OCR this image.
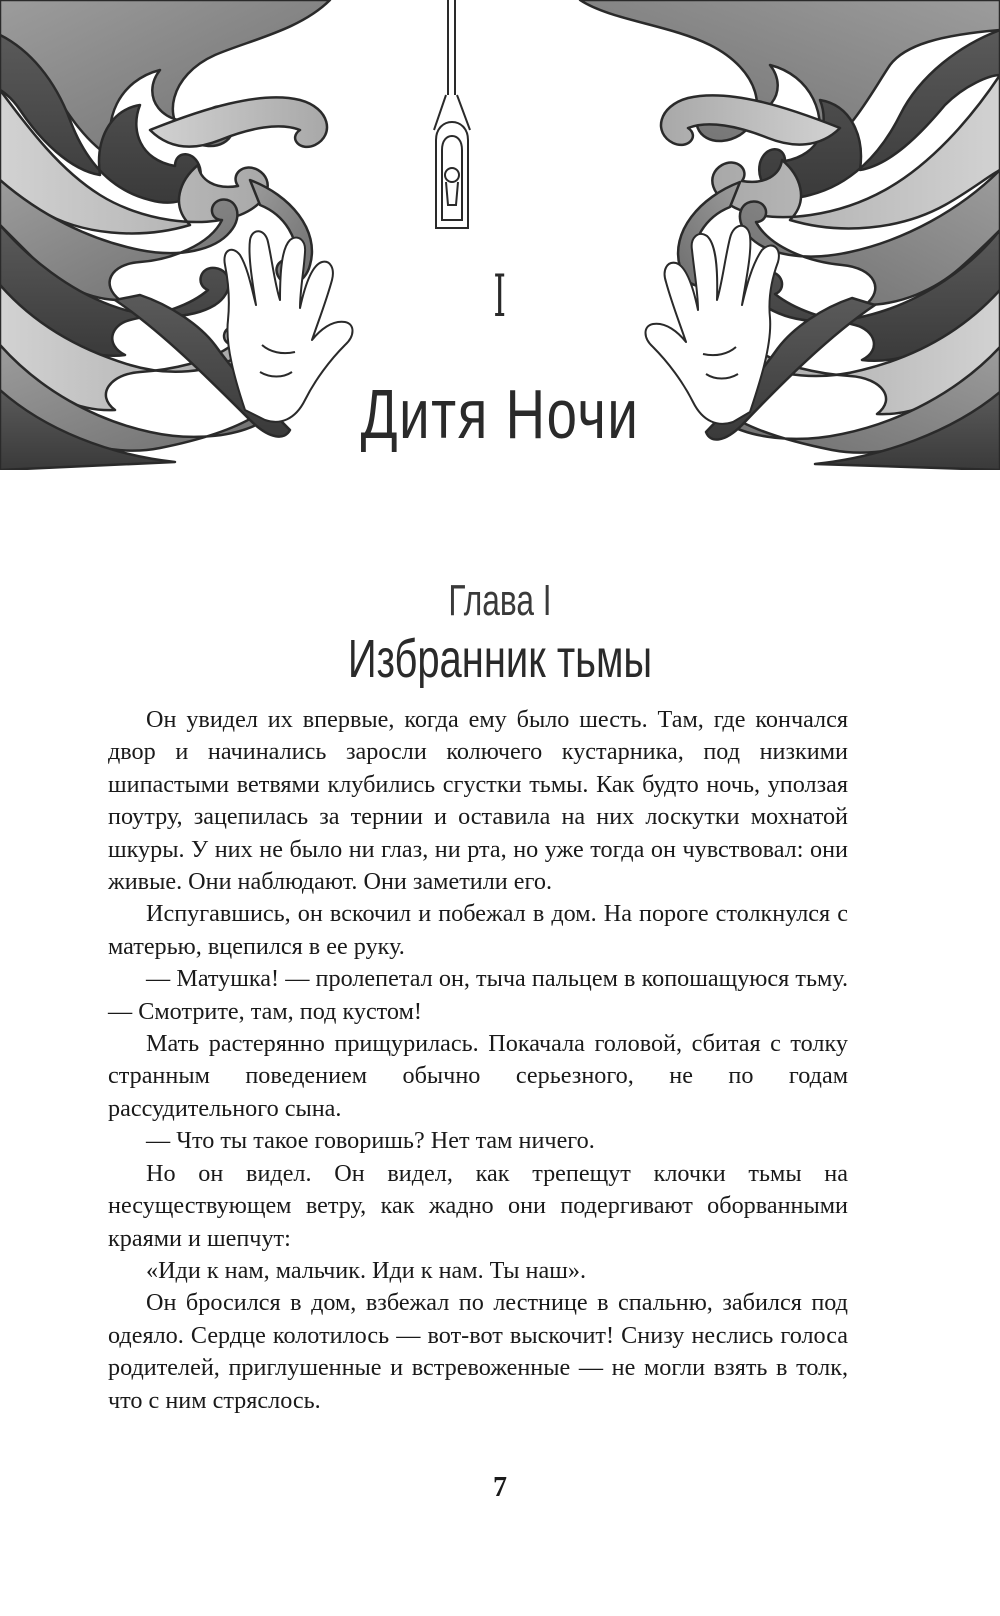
I
Дитя Ночи
Глава I
Избранник тьмы

Он увидел их впервые, когда ему было шесть. Там, где кончался двор и начинались заросли колючего кустарника, под низкими шипастыми ветвями клубились сгустки тьмы. Как будто ночь, уползая поутру, зацепилась за тернии и оставила на них лоскутки мохнатой шкуры. У них не было ни глаз, ни рта, но уже тогда он чувствовал: они живые. Они наблюдают. Они заметили его.

Испугавшись, он вскочил и побежал в дом. На пороге столкнулся с матерью, вцепился в ее руку.

— Матушка! — пролепетал он, тыча пальцем в копошащуюся тьму. — Смотрите, там, под кустом!

Мать растерянно прищурилась. Покачала головой, сбитая с толку странным поведением обычно серьезного, не по годам рассудительного сына.

— Что ты такое говоришь? Нет там ничего.

Но он видел. Он видел, как трепещут клочки тьмы на несуществующем ветру, как жадно они подергивают оборванными краями и шепчут:

«Иди к нам, мальчик. Иди к нам. Ты наш».

Он бросился в дом, взбежал по лестнице в спальню, забился под одеяло. Сердце колотилось — вот-вот выскочит! Снизу неслись голоса родителей, приглушенные и встревоженные — не могли взять в толк, что с ним стряслось.

7
